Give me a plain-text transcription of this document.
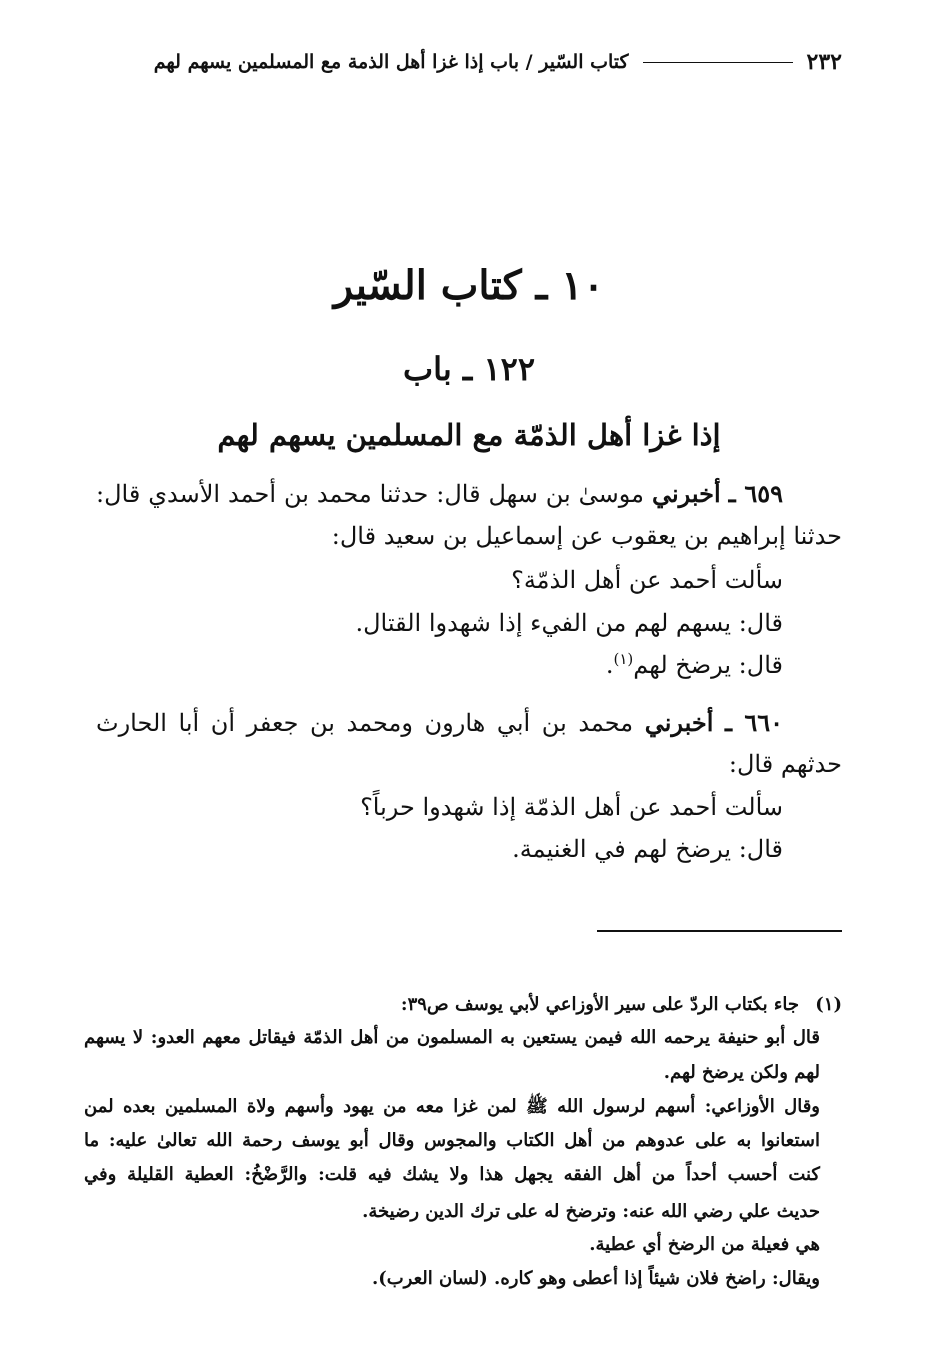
٢٣٢
كتاب السّير / باب إذا غزا أهل الذمة مع المسلمين يسهم لهم
١٠ ـ كتاب السّير
١٢٢ ـ باب
إذا غزا أهل الذمّة مع المسلمين يسهم لهم
٦٥٩ ـ أخبرني موسىٰ بن سهل قال: حدثنا محمد بن أحمد الأسدي قال:
حدثنا إبراهيم بن يعقوب عن إسماعيل بن سعيد قال:
سألت أحمد عن أهل الذمّة؟
قال: يسهم لهم من الفيء إذا شهدوا القتال.
قال: يرضخ لهم$^{(١)}$.
٦٦٠ ـ أخبرني محمد بن أبي هارون ومحمد بن جعفر أن أبا الحارث
حدثهم قال:
سألت أحمد عن أهل الذمّة إذا شهدوا حرباً؟
قال: يرضخ لهم في الغنيمة.
(١) جاء بكتاب الردّ على سير الأوزاعي لأبي يوسف ص٣٩:
قال أبو حنيفة يرحمه الله فيمن يستعين به المسلمون من أهل الذمّة فيقاتل معهم العدو: لا يسهم
لهم ولكن يرضخ لهم.
وقال الأوزاعي: أسهم لرسول الله ﷺ لمن غزا معه من يهود وأسهم ولاة المسلمين بعده لمن
استعانوا به على عدوهم من أهل الكتاب والمجوس وقال أبو يوسف رحمة الله تعالىٰ عليه: ما
كنت أحسب أحداً من أهل الفقه يجهل هذا ولا يشك فيه قلت: والرَّضْخُ: العطية القليلة وفي
حديث علي رضي الله عنه: وترضخ له على ترك الدين رضيخة.
هي فعيلة من الرضخ أي عطية.
ويقال: راضخ فلان شيئاً إذا أعطى وهو كاره. (لسان العرب).
